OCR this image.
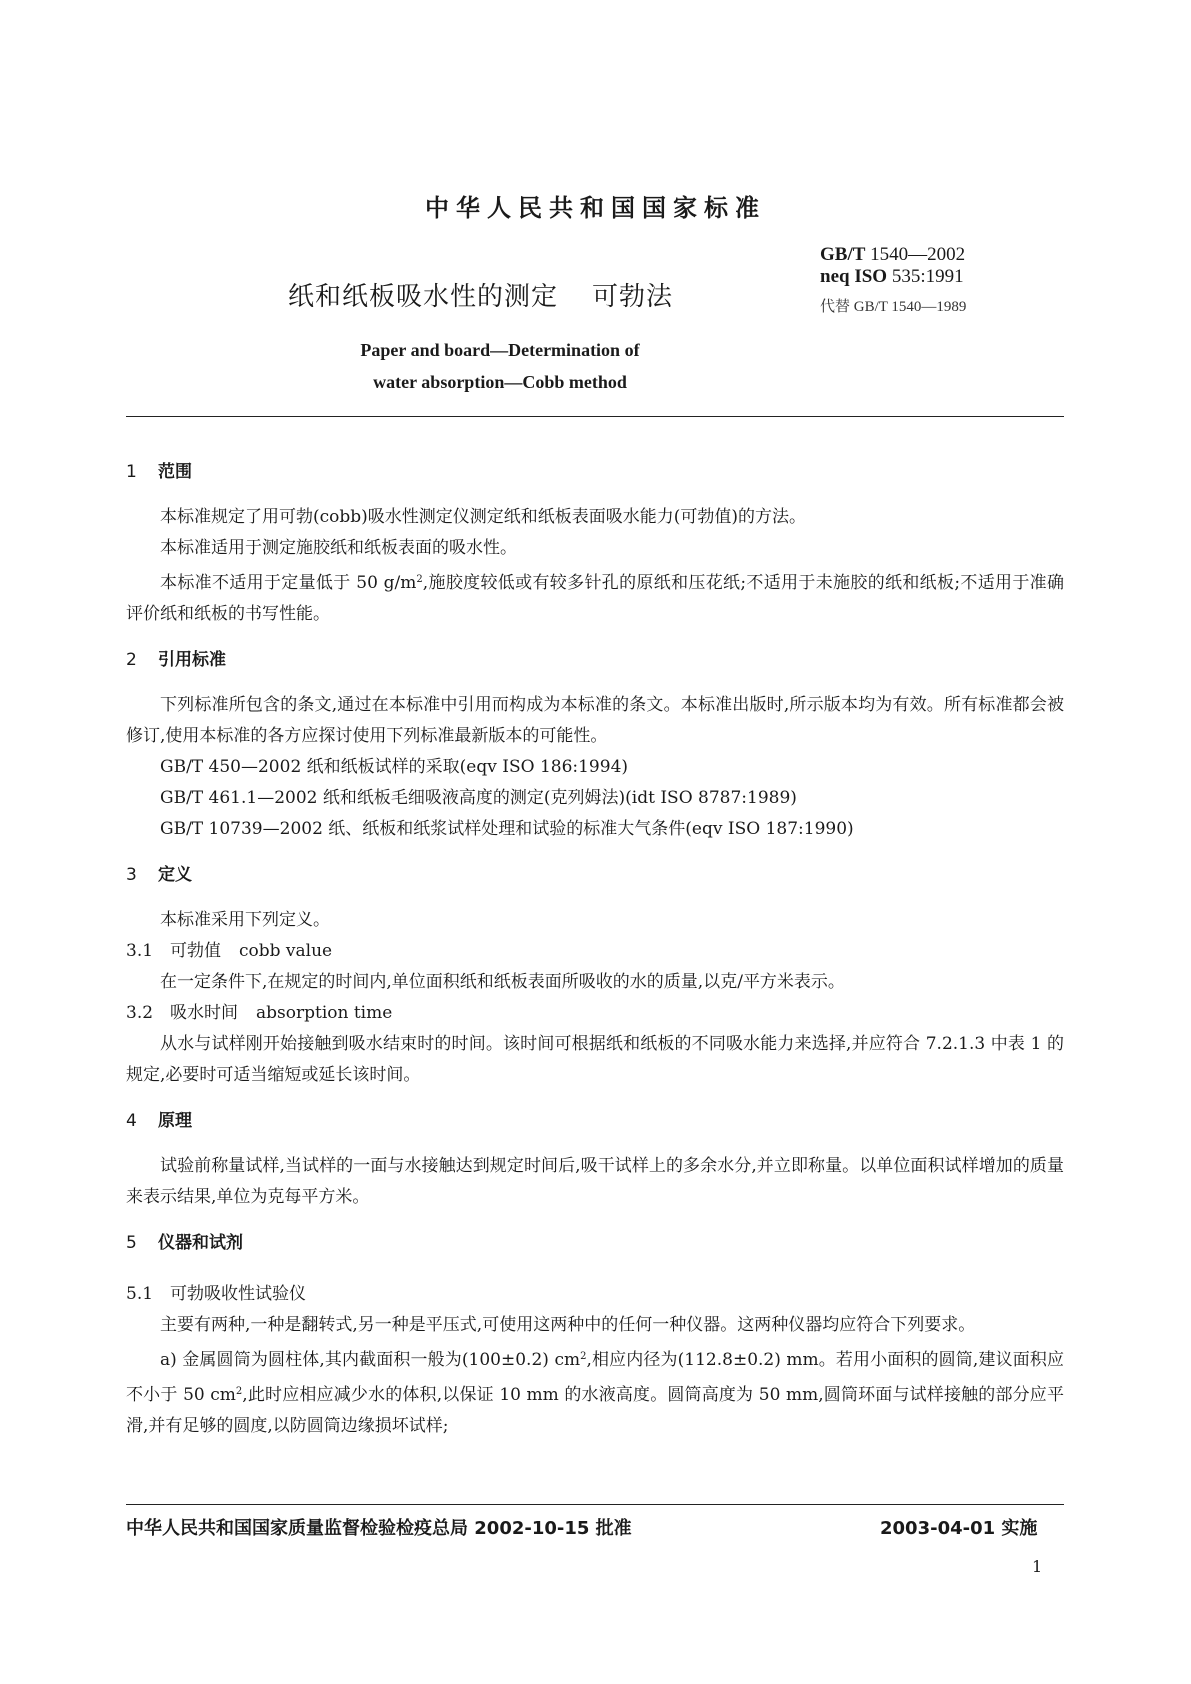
中华人民共和国国家标准
GB/T 1540—2002
neq ISO 535:1991
代替 GB/T 1540—1989
纸和纸板吸水性的测定 可勃法
Paper and board—Determination of
water absorption—Cobb method
1 范围

本标准规定了用可勃(cobb)吸水性测定仪测定纸和纸板表面吸水能力(可勃值)的方法。

本标准适用于测定施胶纸和纸板表面的吸水性。

本标准不适用于定量低于 50 $g/m^2$,施胶度较低或有较多针孔的原纸和压花纸;不适用于未施胶的纸和纸板;不适用于准确评价纸和纸板的书写性能。

2 引用标准

下列标准所包含的条文,通过在本标准中引用而构成为本标准的条文。本标准出版时,所示版本均为有效。所有标准都会被修订,使用本标准的各方应探讨使用下列标准最新版本的可能性。

GB/T 450—2002 纸和纸板试样的采取(eqv ISO 186:1994)
GB/T 461.1—2002 纸和纸板毛细吸液高度的测定(克列姆法)(idt ISO 8787:1989)
GB/T 10739—2002 纸、纸板和纸浆试样处理和试验的标准大气条件(eqv ISO 187:1990)
3 定义

本标准采用下列定义。

3.1 可勃值 cobb value

在一定条件下,在规定的时间内,单位面积纸和纸板表面所吸收的水的质量,以克/平方米表示。

3.2 吸水时间 absorption time

从水与试样刚开始接触到吸水结束时的时间。该时间可根据纸和纸板的不同吸水能力来选择,并应符合 7.2.1.3 中表 1 的规定,必要时可适当缩短或延长该时间。

4 原理

试验前称量试样,当试样的一面与水接触达到规定时间后,吸干试样上的多余水分,并立即称量。以单位面积试样增加的质量来表示结果,单位为克每平方米。

5 仪器和试剂
5.1 可勃吸收性试验仪

主要有两种,一种是翻转式,另一种是平压式,可使用这两种中的任何一种仪器。这两种仪器均应符合下列要求。

a) 金属圆筒为圆柱体,其内截面积一般为(100±0.2) $cm^2$,相应内径为(112.8±0.2) mm。若用小面积的圆筒,建议面积应不小于 50 $cm^2$,此时应相应减少水的体积,以保证 10 mm 的水液高度。圆筒高度为 50 mm,圆筒环面与试样接触的部分应平滑,并有足够的圆度,以防圆筒边缘损坏试样;

中华人民共和国国家质量监督检验检疫总局 2002-10-15 批准	2003-04-01 实施
1
